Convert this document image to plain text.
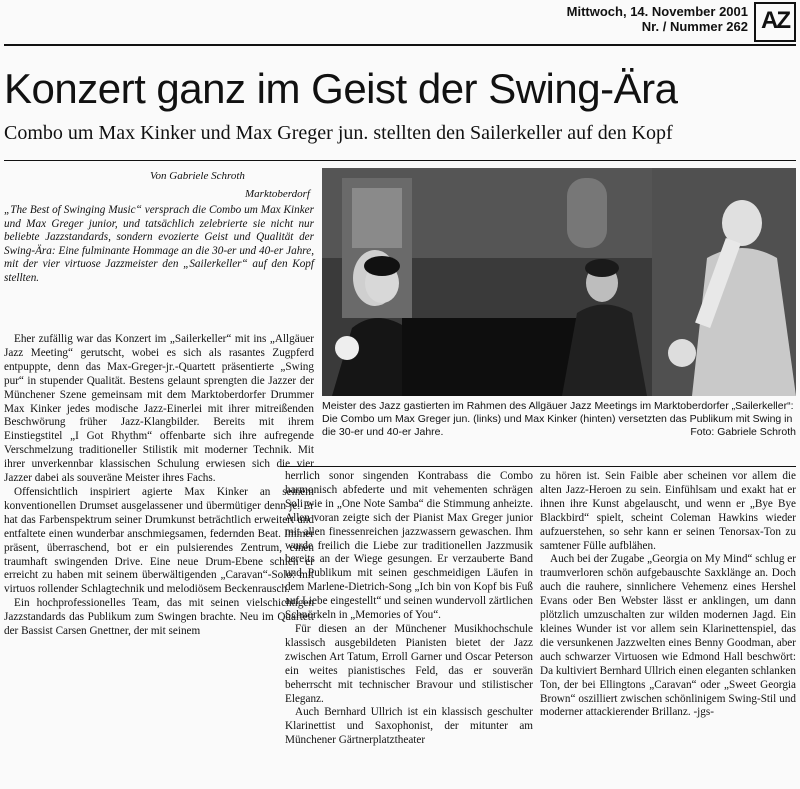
Mittwoch, 14. November 2001
Nr. / Nummer 262 AZ
Konzert ganz im Geist der Swing-Ära
Combo um Max Kinker und Max Greger jun. stellten den Sailerkeller auf den Kopf
Von Gabriele Schroth
Marktoberdorf
„The Best of Swinging Music“ versprach die Combo um Max Kinker und Max Greger junior, und tatsächlich zelebrierte sie nicht nur beliebte Jazzstandards, sondern evozierte Geist und Qualität der Swing-Ära: Eine fulminante Hommage an die 30-er und 40-er Jahre, mit der vier virtuose Jazzmeister den „Sailerkeller“ auf den Kopf stellten.
Meister des Jazz gastierten im Rahmen des Allgäuer Jazz Meetings im Marktoberdorfer „Sailerkeller“: Die Combo um Max Greger jun. (links) und Max Kinker (hinten) versetzten das Publikum mit Swing in die 30-er und 40-er Jahre.	Foto: Gabriele Schroth

Eher zufällig war das Konzert im „Sailerkeller“ mit ins „Allgäuer Jazz Meeting“ gerutscht, wobei es sich als rasantes Zugpferd entpuppte, denn das Max-Greger-jr.-Quartett präsentierte „Swing pur“ in stupender Qualität. Bestens gelaunt sprengten die Jazzer der Münchener Szene gemeinsam mit dem Marktoberdorfer Drummer Max Kinker jedes modische Jazz-Einerlei mit ihrer mitreißenden Beschwörung früher Jazz-Klangbilder. Bereits mit ihrem Einstiegstitel „I Got Rhythm“ offenbarte sich ihre aufregende Verschmelzung traditioneller Stilistik mit moderner Technik. Mit ihrer unverkennbar klassischen Schulung erwiesen sich die vier Jazzer dabei als souveräne Meister ihres Fachs.

Offensichtlich inspiriert agierte Max Kinker an seinem konventionellen Drumset ausgelassener und übermütiger denn je. Er hat das Farbenspektrum seiner Drumkunst beträchtlich erweitert und entfaltete einen wunderbar anschmiegsamen, federnden Beat. Immer präsent, überraschend, bot er ein pulsierendes Zentrum, einen traumhaft swingenden Drive. Eine neue Drum-Ebene schien er erreicht zu haben mit seinem überwältigenden „Caravan“-Solo: mit virtuos rollender Schlagtechnik und melodiösem Beckenrausch.

Ein hochprofessionelles Team, das mit seinen vielschichtigen Jazzstandards das Publikum zum Swingen brachte. Neu im Quartett der Bassist Carsen Gnettner, der mit seinem

herrlich sonor singenden Kontrabass die Combo harmonisch abfederte und mit vehementen schrägen Soli wie in „One Note Samba“ die Stimmung anheizte. Allen voran zeigte sich der Pianist Max Greger junior mit allen finessenreichen jazzwassern gewaschen. Ihm wurde freilich die Liebe zur traditionellen Jazzmusik bereits an der Wiege gesungen. Er verzauberte Band und Publikum mit seinen geschmeidigen Läufen in dem Marlene-Dietrich-Song „Ich bin von Kopf bis Fuß auf Liebe eingestellt“ und seinen wundervoll zärtlichen Schnörkeln in „Memories of You“.

Für diesen an der Münchener Musikhochschule klassisch ausgebildeten Pianisten bietet der Jazz zwischen Art Tatum, Erroll Garner und Oscar Peterson ein weites pianistisches Feld, das er souverän beherrscht mit technischer Bravour und stilistischer Eleganz.

Auch Bernhard Ullrich ist ein klassisch geschulter Klarinettist und Saxophonist, der mitunter am Münchener Gärtnerplatztheater

zu hören ist. Sein Faible aber scheinen vor allem die alten Jazz-Heroen zu sein. Einfühlsam und exakt hat er ihnen ihre Kunst abgelauscht, und wenn er „Bye Bye Blackbird“ spielt, scheint Coleman Hawkins wieder aufzuerstehen, so sehr kann er seinen Tenorsax-Ton zu samtener Fülle aufblähen.

Auch bei der Zugabe „Georgia on My Mind“ schlug er traumverloren schön aufgebauschte Saxklänge an. Doch auch die rauhere, sinnlichere Vehemenz eines Hershel Evans oder Ben Webster lässt er anklingen, um dann plötzlich umzuschalten zur wilden modernen Jagd. Ein kleines Wunder ist vor allem sein Klarinettenspiel, das die versunkenen Jazzwelten eines Benny Goodman, aber auch schwarzer Virtuosen wie Edmond Hall beschwört: Da kultiviert Bernhard Ullrich einen eleganten schlanken Ton, der bei Ellingtons „Caravan“ oder „Sweet Georgia Brown“ oszilliert zwischen schönlinigem Swing-Stil und moderner attackierender Brillanz. -jgs-
